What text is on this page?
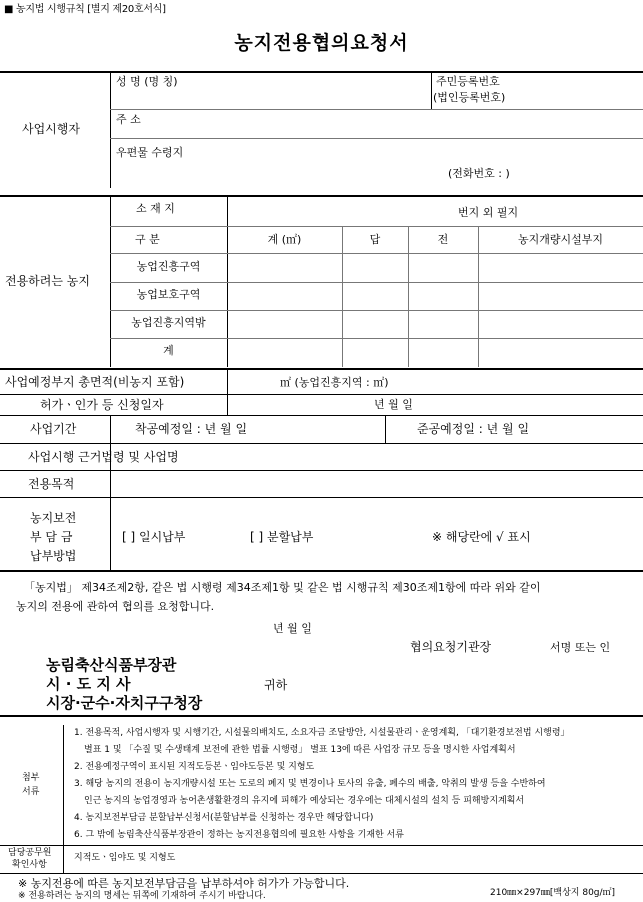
■ 농지법 시행규칙 [별지 제20호서식]
농지전용협의요청서
사업시행자
성 명 (명 칭)	주민등록번호
(법인등록번호)
주 소
우편물 수령지
(전화번호 : )
전용하려는 농지
소 재 지	번지 외 필지
구 분	계 (㎡)	답	전	농지개량시설부지
농업진흥구역
농업보호구역
농업진흥지역밖
계
사업예정부지 총면적(비농지 포함)	㎡ (농업진흥지역 : ㎡)
허가ㆍ인가 등 신청일자	년 월 일
사업기간	착공예정일 : 년 월 일	준공예정일 : 년 월 일
사업시행 근거법령 및 사업명
전용목적
농지보전
부 담 금
납부방법
[ ] 일시납부	[ ] 분할납부	※ 해당란에 √ 표시
「농지법」 제34조제2항, 같은 법 시행령 제34조제1항 및 같은 법 시행규칙 제30조제1항에 따라 위와 같이
농지의 전용에 관하여 협의를 요청합니다.
년 월 일
협의요청기관장	서명 또는 인
농림축산식품부장관
시 · 도 지 사	귀하
시장·군수·자치구구청장
첨부
서류
1. 전용목적, 사업시행자 및 시행기간, 시설물의배치도, 소요자금 조달방안, 시설물관리ㆍ운영계획, 「대기환경보전법 시행령」
별표 1 및 「수질 및 수생태계 보전에 관한 법률 시행령」 별표 13에 따른 사업장 규모 등을 명시한 사업계획서
2. 전용예정구역이 표시된 지적도등본ㆍ임야도등본 및 지형도
3. 해당 농지의 전용이 농지개량시설 또는 도로의 폐지 및 변경이나 토사의 유출, 폐수의 배출, 악취의 발생 등을 수반하여
인근 농지의 농업경영과 농어촌생활환경의 유지에 피해가 예상되는 경우에는 대체시설의 설치 등 피해방지계획서
4. 농지보전부담금 분할납부신청서(분할납부를 신청하는 경우만 해당합니다)
6. 그 밖에 농림축산식품부장관이 정하는 농지전용협의에 필요한 사항을 기재한 서류
담당공무원
확인사항
지적도ㆍ임야도 및 지형도
※ 농지전용에 따른 농지보전부담금을 납부하셔야 허가가 가능합니다.
※ 전용하려는 농지의 명세는 뒤쪽에 기재하여 주시기 바랍니다.	210㎜×297㎜[백상지 80g/㎡]
